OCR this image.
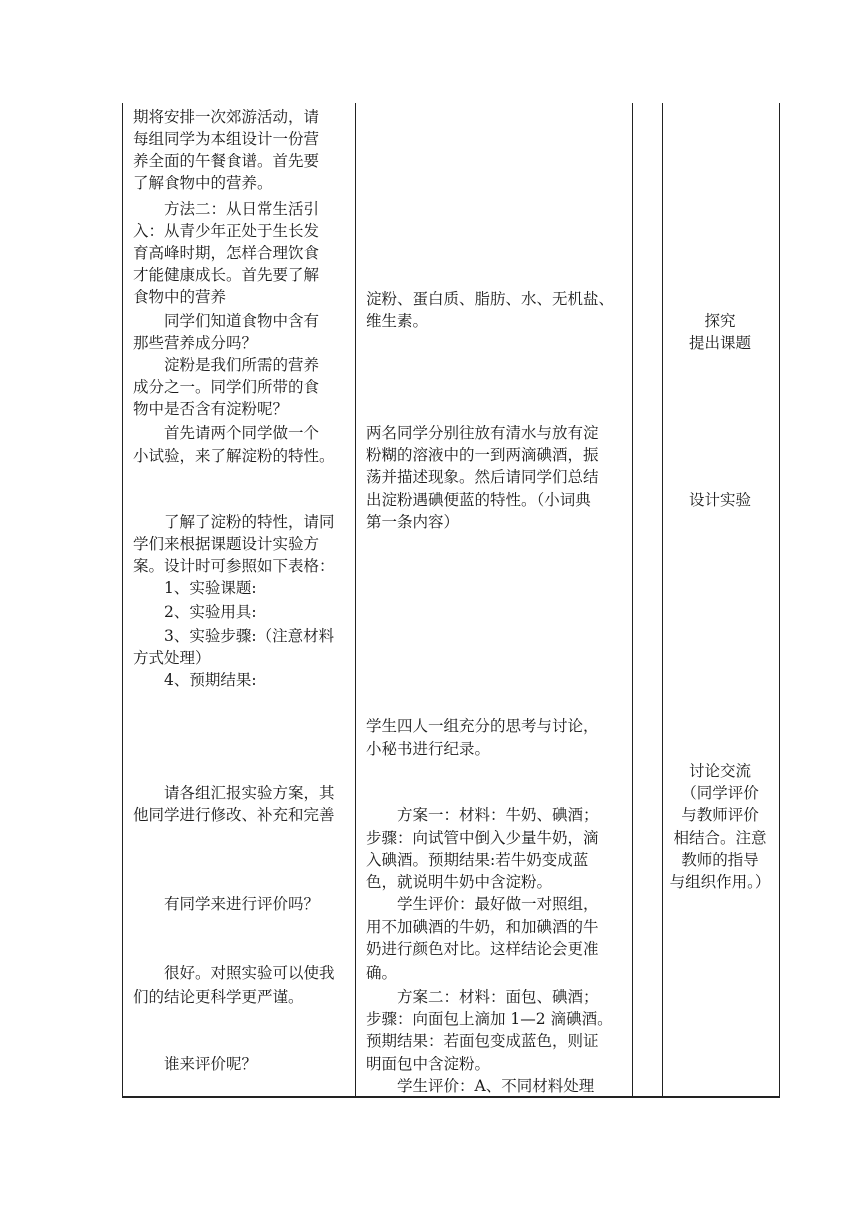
期将安排一次郊游活动，请
每组同学为本组设计一份营
养全面的午餐食谱。首先要
了解食物中的营养。
　　方法二：从日常生活引
入：从青少年正处于生长发
育高峰时期，怎样合理饮食
才能健康成长。首先要了解
食物中的营养
　　同学们知道食物中含有
那些营养成分吗？
　　淀粉是我们所需的营养
成分之一。同学们所带的食
物中是否含有淀粉呢？
　　首先请两个同学做一个
小试验，来了解淀粉的特性。
　　了解了淀粉的特性，请同
学们来根据课题设计实验方
案。设计时可参照如下表格：
　　1、实验课题:
　　2、实验用具:
　　3、实验步骤:（注意材料
方式处理）
　　4、预期结果:
　　请各组汇报实验方案，其
他同学进行修改、补充和完善
　　有同学来进行评价吗？
　　很好。对照实验可以使我
们的结论更科学更严谨。
　　谁来评价呢？
淀粉、蛋白质、脂肪、水、无机盐、
维生素。
两名同学分别往放有清水与放有淀
粉糊的溶液中的一到两滴碘酒，振
荡并描述现象。然后请同学们总结
出淀粉遇碘便蓝的特性。（小词典
第一条内容）
学生四人一组充分的思考与讨论，
小秘书进行纪录。
　　方案一：材料：牛奶、碘酒；
步骤：向试管中倒入少量牛奶，滴
入碘酒。预期结果:若牛奶变成蓝
色，就说明牛奶中含淀粉。
　　学生评价：最好做一对照组，
用不加碘酒的牛奶，和加碘酒的牛
奶进行颜色对比。这样结论会更准
确。
　　方案二：材料：面包、碘酒；
步骤：向面包上滴加 1—2 滴碘酒。
预期结果：若面包变成蓝色，则证
明面包中含淀粉。
　　学生评价：A、不同材料处理
探究
提出课题
设计实验
讨论交流
（同学评价
与教师评价
相结合。注意
教师的指导
与组织作用。）
